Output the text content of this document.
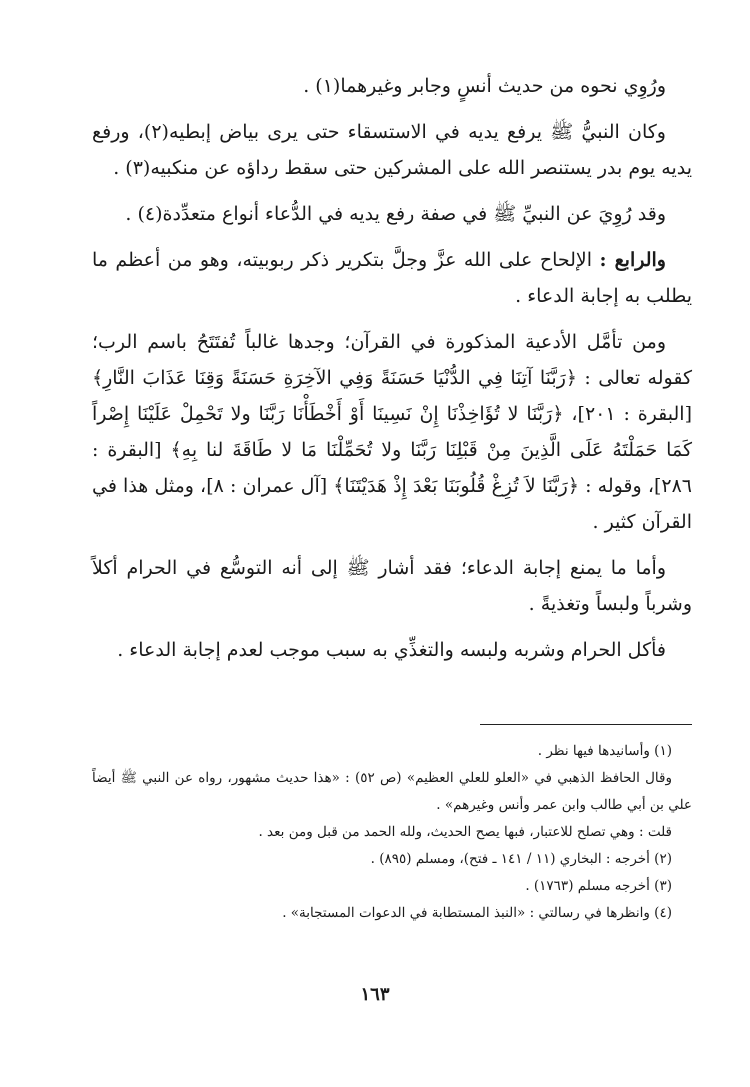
ورُوِي نحوه من حديث أنسٍ وجابر وغيرهما(١) .

وكان النبيُّ ﷺ يرفع يديه في الاستسقاء حتى يرى بياض إبطيه(٢)، ورفع يديه يوم بدر يستنصر الله على المشركين حتى سقط رداؤه عن منكبيه(٣) .

وقد رُوِيَ عن النبيِّ ﷺ في صفة رفع يديه في الدُّعاء أنواع متعدِّدة(٤) .

والرابع : الإلحاح على الله عزَّ وجلَّ بتكرير ذكر ربوبيته، وهو من أعظم ما يطلب به إجابة الدعاء .

ومن تأمَّل الأدعية المذكورة في القرآن؛ وجدها غالباً تُفتَتَحُ باسم الرب؛ كقوله تعالى : ﴿رَبَّنَا آتِنَا فِي الدُّنْيَا حَسَنَةً وَفِي الآخِرَةِ حَسَنَةً وَقِنَا عَذَابَ النَّارِ﴾ [البقرة : ٢٠١]، ﴿رَبَّنَا لا تُؤَاخِذْنَا إِنْ نَسِينَا أَوْ أَخْطَأْنَا رَبَّنَا ولا تَحْمِلْ عَلَيْنَا إِصْراً كَمَا حَمَلْتَهُ عَلَى الَّذِينَ مِنْ قَبْلِنَا رَبَّنَا ولا تُحَمِّلْنَا مَا لا طَاقَةَ لنا بِهِ﴾ [البقرة : ٢٨٦]، وقوله : ﴿رَبَّنَا لاَ تُزِغْ قُلُوبَنَا بَعْدَ إِذْ هَدَيْتَنَا﴾ [آل عمران : ٨]، ومثل هذا في القرآن كثير .

وأما ما يمنع إجابة الدعاء؛ فقد أشار ﷺ إلى أنه التوسُّع في الحرام أكلاً وشرباً ولبساً وتغذيةً .

فأكل الحرام وشربه ولبسه والتغذِّي به سبب موجب لعدم إجابة الدعاء .

(١) وأسانيدها فيها نظر .

وقال الحافظ الذهبي في «العلو للعلي العظيم» (ص ٥٢) : «هذا حديث مشهور، رواه عن النبي ﷺ أيضاً علي بن أبي طالب وابن عمر وأنس وغيرهم» .

قلت : وهي تصلح للاعتبار، فبها يصح الحديث، ولله الحمد من قبل ومن بعد .

(٢) أخرجه : البخاري (١١ / ١٤١ ـ فتح)، ومسلم (٨٩٥) .

(٣) أخرجه مسلم (١٧٦٣) .

(٤) وانظرها في رسالتي : «النبذ المستطابة في الدعوات المستجابة» .

١٦٣
